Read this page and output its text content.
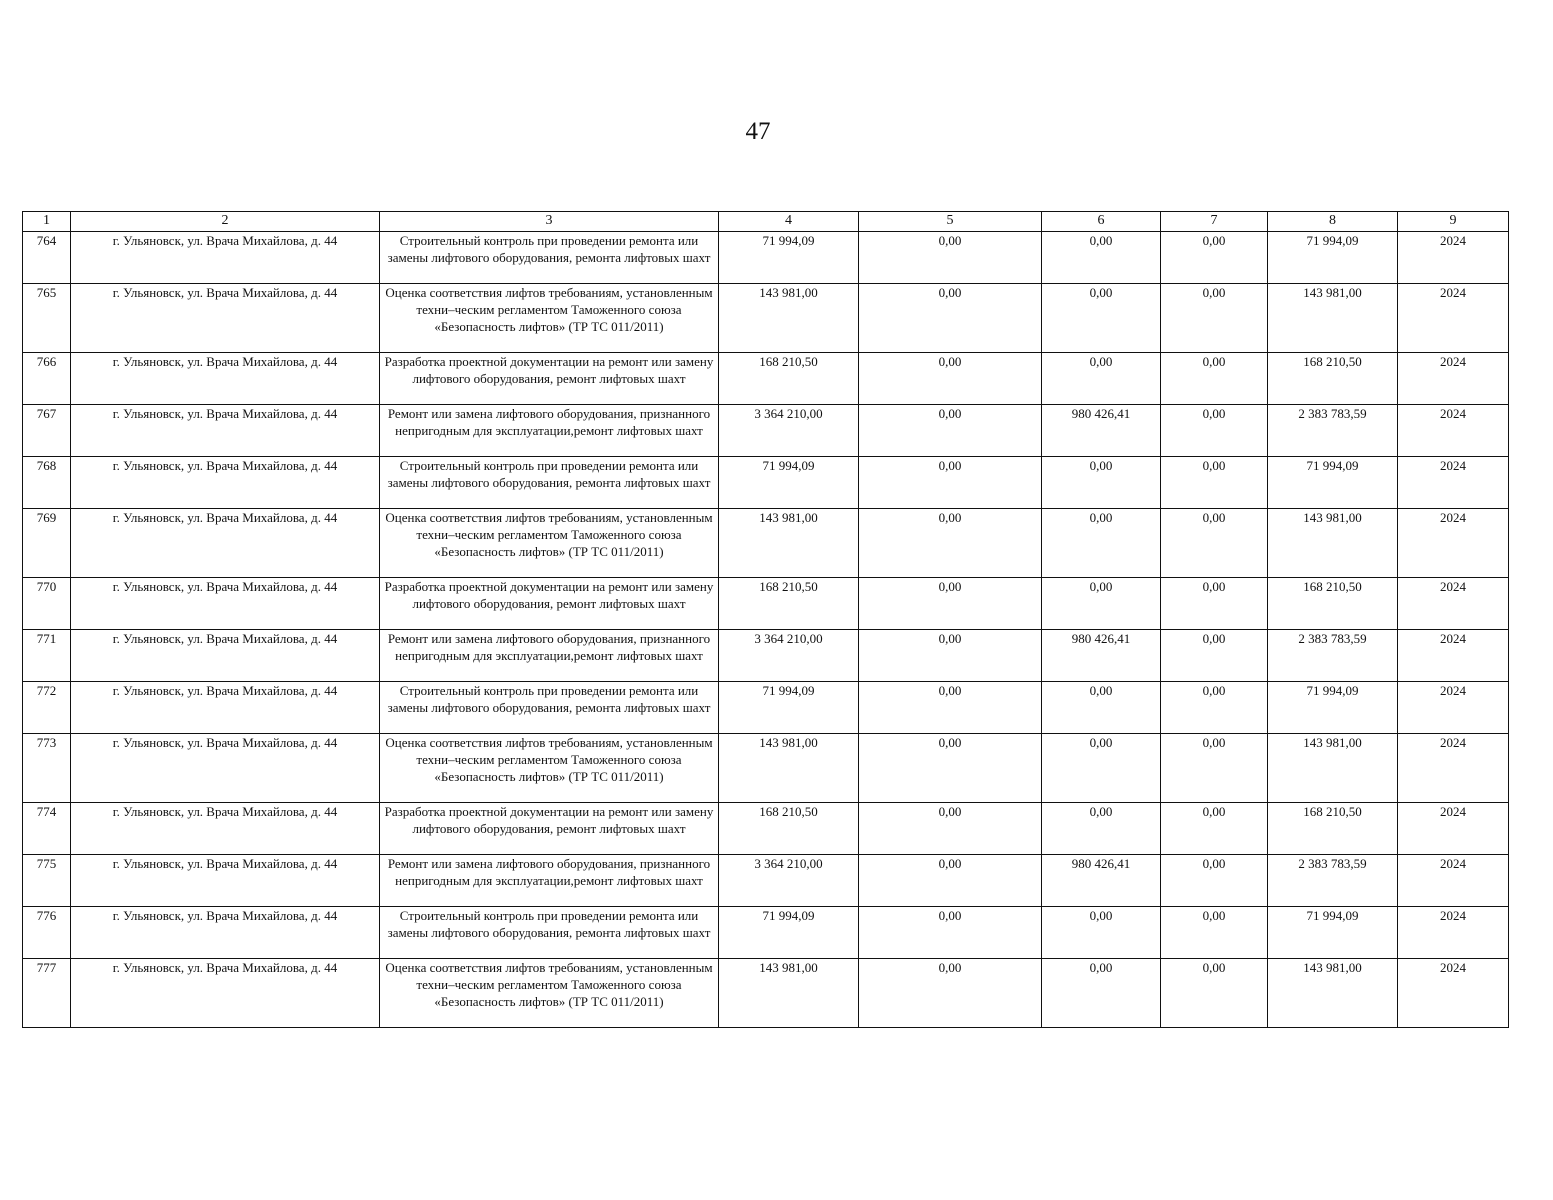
47
1	2	3	4	5	6	7	8	9
764	г. Ульяновск, ул. Врача Михайлова, д. 44	Строительный контроль при проведении ремонта или замены лифтового оборудования, ремонта лифтовых шахт	71 994,09	0,00	0,00	0,00	71 994,09	2024
765	г. Ульяновск, ул. Врача Михайлова, д. 44	Оценка соответствия лифтов требованиям, установленным техни–ческим регламентом Таможенного союза «Безопасность лифтов» (ТР ТС 011/2011)	143 981,00	0,00	0,00	0,00	143 981,00	2024
766	г. Ульяновск, ул. Врача Михайлова, д. 44	Разработка проектной документации на ремонт или замену лифтового оборудования, ремонт лифтовых шахт	168 210,50	0,00	0,00	0,00	168 210,50	2024
767	г. Ульяновск, ул. Врача Михайлова, д. 44	Ремонт или замена лифтового оборудования, признанного непригодным для эксплуатации,ремонт лифтовых шахт	3 364 210,00	0,00	980 426,41	0,00	2 383 783,59	2024
768	г. Ульяновск, ул. Врача Михайлова, д. 44	Строительный контроль при проведении ремонта или замены лифтового оборудования, ремонта лифтовых шахт	71 994,09	0,00	0,00	0,00	71 994,09	2024
769	г. Ульяновск, ул. Врача Михайлова, д. 44	Оценка соответствия лифтов требованиям, установленным техни–ческим регламентом Таможенного союза «Безопасность лифтов» (ТР ТС 011/2011)	143 981,00	0,00	0,00	0,00	143 981,00	2024
770	г. Ульяновск, ул. Врача Михайлова, д. 44	Разработка проектной документации на ремонт или замену лифтового оборудования, ремонт лифтовых шахт	168 210,50	0,00	0,00	0,00	168 210,50	2024
771	г. Ульяновск, ул. Врача Михайлова, д. 44	Ремонт или замена лифтового оборудования, признанного непригодным для эксплуатации,ремонт лифтовых шахт	3 364 210,00	0,00	980 426,41	0,00	2 383 783,59	2024
772	г. Ульяновск, ул. Врача Михайлова, д. 44	Строительный контроль при проведении ремонта или замены лифтового оборудования, ремонта лифтовых шахт	71 994,09	0,00	0,00	0,00	71 994,09	2024
773	г. Ульяновск, ул. Врача Михайлова, д. 44	Оценка соответствия лифтов требованиям, установленным техни–ческим регламентом Таможенного союза «Безопасность лифтов» (ТР ТС 011/2011)	143 981,00	0,00	0,00	0,00	143 981,00	2024
774	г. Ульяновск, ул. Врача Михайлова, д. 44	Разработка проектной документации на ремонт или замену лифтового оборудования, ремонт лифтовых шахт	168 210,50	0,00	0,00	0,00	168 210,50	2024
775	г. Ульяновск, ул. Врача Михайлова, д. 44	Ремонт или замена лифтового оборудования, признанного непригодным для эксплуатации,ремонт лифтовых шахт	3 364 210,00	0,00	980 426,41	0,00	2 383 783,59	2024
776	г. Ульяновск, ул. Врача Михайлова, д. 44	Строительный контроль при проведении ремонта или замены лифтового оборудования, ремонта лифтовых шахт	71 994,09	0,00	0,00	0,00	71 994,09	2024
777	г. Ульяновск, ул. Врача Михайлова, д. 44	Оценка соответствия лифтов требованиям, установленным техни–ческим регламентом Таможенного союза «Безопасность лифтов» (ТР ТС 011/2011)	143 981,00	0,00	0,00	0,00	143 981,00	2024
